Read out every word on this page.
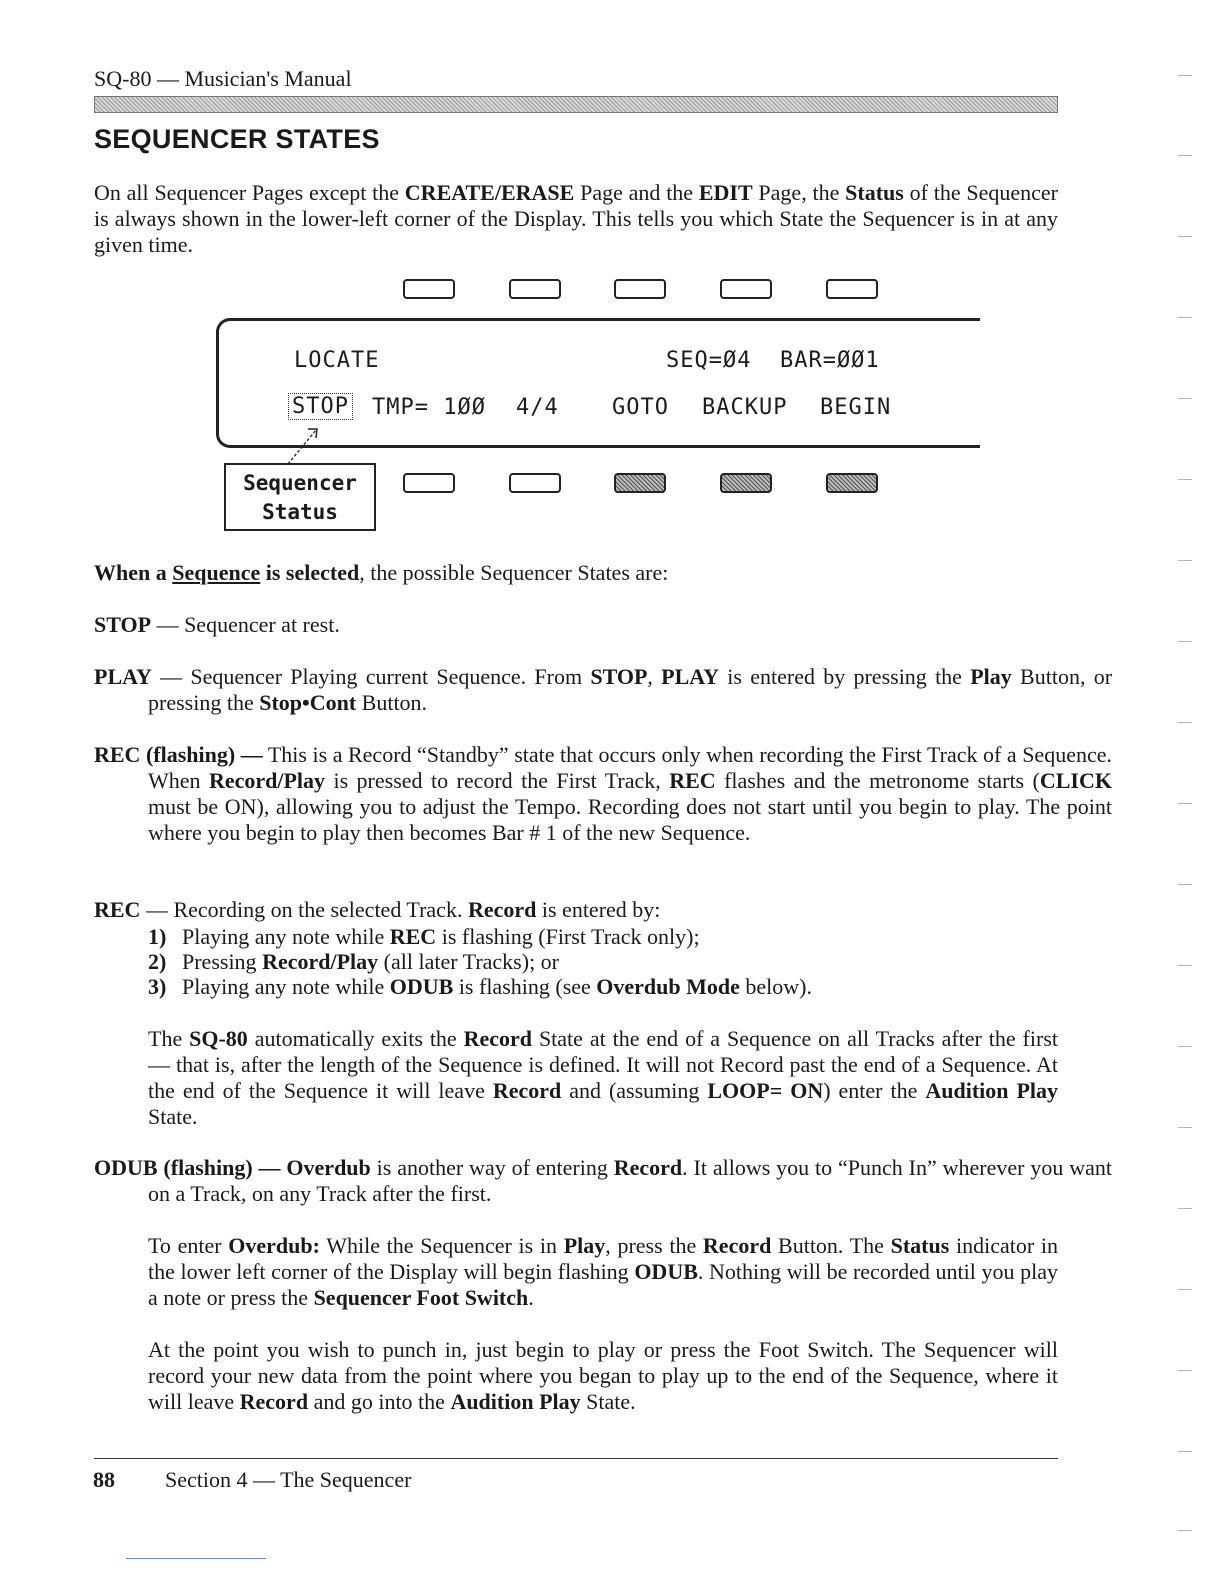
SQ-80 — Musician's Manual
SEQUENCER STATES
On all Sequencer Pages except the CREATE/ERASE Page and the EDIT Page, the Status of the Sequencer is always shown in the lower-left corner of the Display. This tells you which State the Sequencer is in at any given time.
LOCATE	SEQ=Ø4  BAR=ØØ1
STOP TMP= 1ØØ 4/4 GOTO BACKUP BEGIN
Sequencer
Status
When a Sequence is selected, the possible Sequencer States are:
STOP — Sequencer at rest.
PLAY — Sequencer Playing current Sequence. From STOP, PLAY is entered by pressing the Play Button, or pressing the Stop•Cont Button.
REC (flashing) — This is a Record “Standby” state that occurs only when recording the First Track of a Sequence. When Record/Play is pressed to record the First Track, REC flashes and the metronome starts (CLICK must be ON), allowing you to adjust the Tempo. Recording does not start until you begin to play. The point where you begin to play then becomes Bar # 1 of the new Sequence.
REC — Recording on the selected Track. Record is entered by:
1) Playing any note while REC is flashing (First Track only);
2) Pressing Record/Play (all later Tracks); or
3) Playing any note while ODUB is flashing (see Overdub Mode below).
The SQ-80 automatically exits the Record State at the end of a Sequence on all Tracks after the first — that is, after the length of the Sequence is defined. It will not Record past the end of a Sequence. At the end of the Sequence it will leave Record and (assuming LOOP= ON) enter the Audition Play State.
ODUB (flashing) — Overdub is another way of entering Record. It allows you to “Punch In” wherever you want on a Track, on any Track after the first.
To enter Overdub: While the Sequencer is in Play, press the Record Button. The Status indicator in the lower left corner of the Display will begin flashing ODUB. Nothing will be recorded until you play a note or press the Sequencer Foot Switch.
At the point you wish to punch in, just begin to play or press the Foot Switch. The Sequencer will record your new data from the point where you began to play up to the end of the Sequence, where it will leave Record and go into the Audition Play State.
88 Section 4 — The Sequencer
